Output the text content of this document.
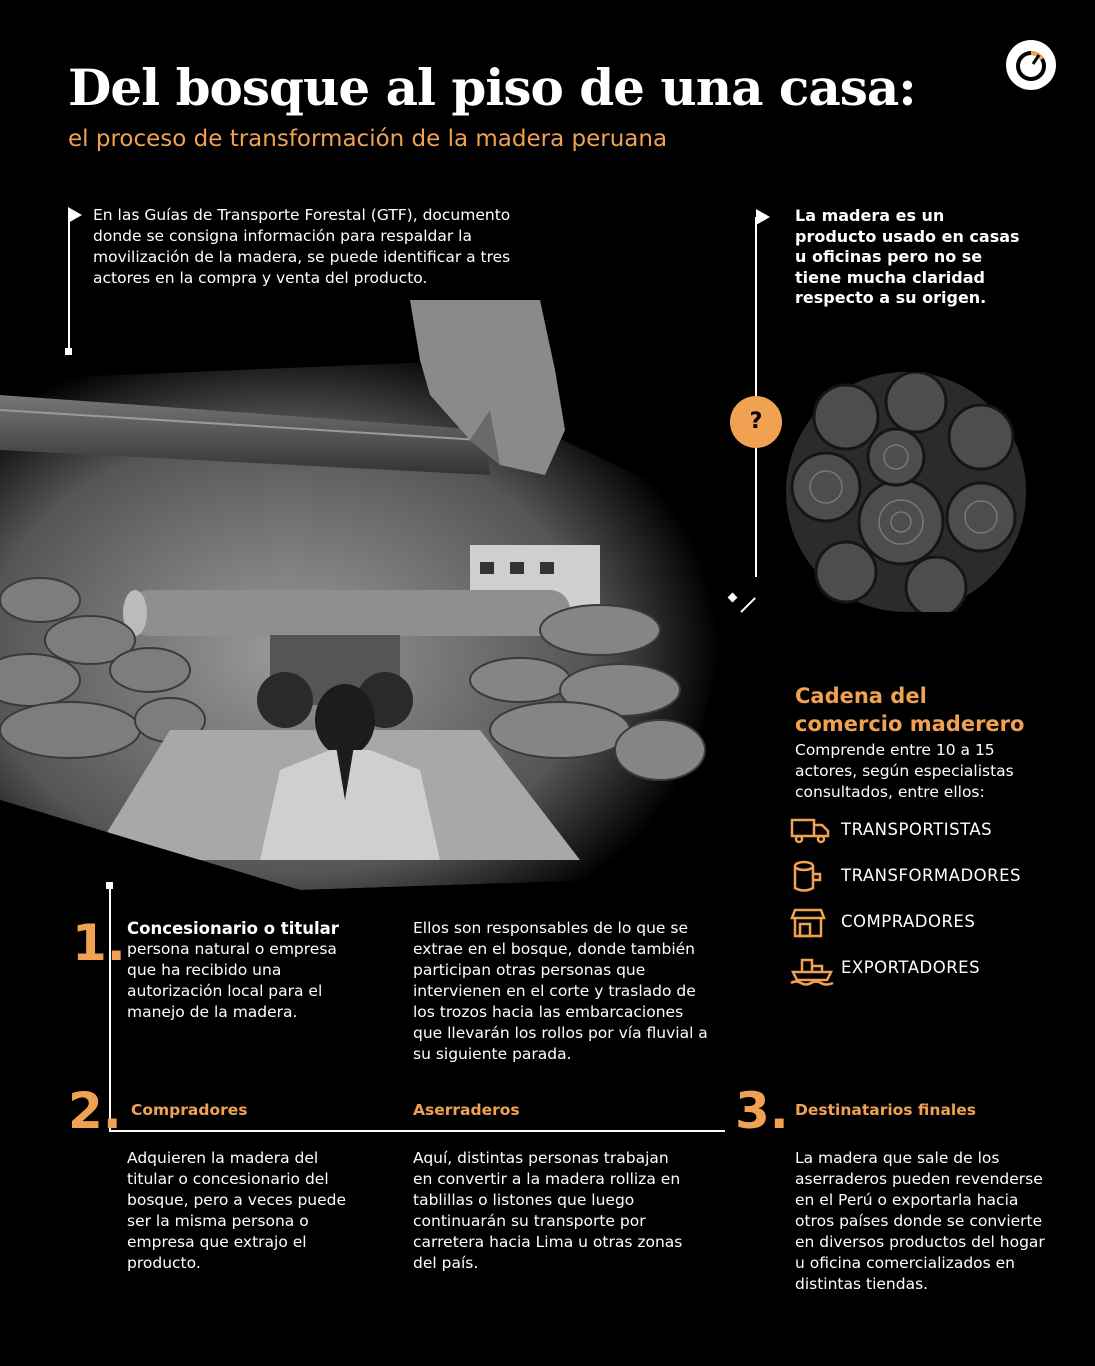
Del bosque al piso de una casa:
el proceso de transformación de la madera peruana
En las Guías de Transporte Forestal (GTF), documento
donde se consigna información para respaldar la
movilización de la madera, se puede identificar a tres
actores en la compra y venta del producto.
La madera es un
producto usado en casas
u oficinas pero no se
tiene mucha claridad
respecto a su origen.
?
Cadena del
comercio maderero
Comprende entre 10 a 15
actores, según especialistas
consultados, entre ellos:
TRANSPORTISTAS
TRANSFORMADORES
COMPRADORES
EXPORTADORES
1. Concesionario o titular
persona natural o empresa
que ha recibido una
autorización local para el
manejo de la madera.
Ellos son responsables de lo que se
extrae en el bosque, donde también
participan otras personas que
intervienen en el corte y traslado de
los trozos hacia las embarcaciones
que llevarán los rollos por vía fluvial a
su siguiente parada.
2. Compradores
Adquieren la madera del
titular o concesionario del
bosque, pero a veces puede
ser la misma persona o
empresa que extrajo el
producto.
Aserraderos
Aquí, distintas personas trabajan
en convertir a la madera rolliza en
tablillas o listones que luego
continuarán su transporte por
carretera hacia Lima u otras zonas
del país.
3. Destinatarios finales
La madera que sale de los
aserraderos pueden revenderse
en el Perú o exportarla hacia
otros países donde se convierte
en diversos productos del hogar
u oficina comercializados en
distintas tiendas.
